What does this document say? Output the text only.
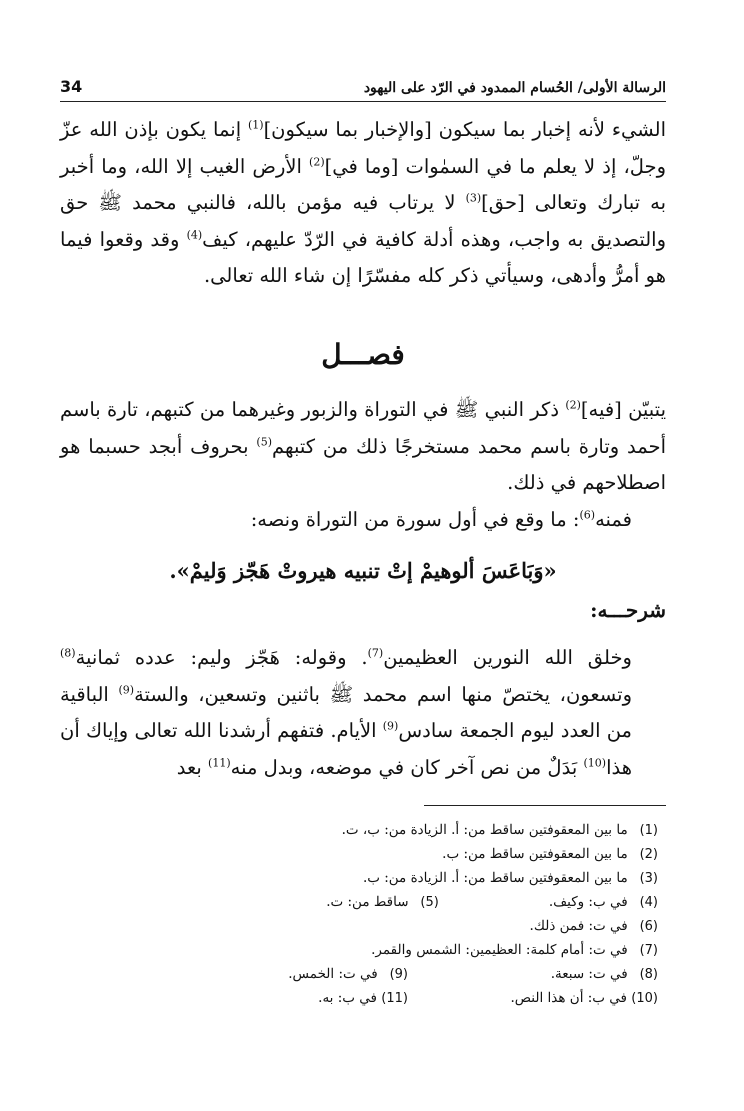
34	الرسالة الأولى/ الحُسام الممدود في الرّد على اليهود

الشيء لأنه إخبار بما سيكون [والإخبار بما سيكون]$^{(1)}$ إنما يكون بإذن الله عزّ وجلّ، إذ لا يعلم ما في السمٰوات [وما في]$^{(2)}$ الأرض الغيب إلا الله، وما أخبر به تبارك وتعالى [حق]$^{(3)}$ لا يرتاب فيه مؤمن بالله، فالنبي محمد ﷺ حق والتصديق به واجب، وهذه أدلة كافية في الرّدّ عليهم، كيف$^{(4)}$ وقد وقعوا فيما هو أمرُّ وأدهى، وسيأتي ذكر كله مفسّرًا إن شاء الله تعالى.

فصـــل

يتبيّن [فيه]$^{(2)}$ ذكر النبي ﷺ في التوراة والزبور وغيرهما من كتبهم، تارة باسم أحمد وتارة باسم محمد مستخرجًا ذلك من كتبهم$^{(5)}$ بحروف أبجد حسبما هو اصطلاحهم في ذلك.

فمنه$^{(6)}$: ما وقع في أول سورة من التوراة ونصه:

«وَبَاعَسَ ألوهيمْ إتْ تنبيه هيروتْ هَجّز وَليمْ».
شرحـــه:

وخلق الله النورين العظيمين$^{(7)}$. وقوله: هَجّز وليم: عدده ثمانية$^{(8)}$ وتسعون، يختصّ منها اسم محمد ﷺ باثنين وتسعين، والستة$^{(9)}$ الباقية من العدد ليوم الجمعة سادس$^{(9)}$ الأيام. فتفهم أرشدنا الله تعالى وإياك أن هذا$^{(10)}$ بَدَلٌ من نص آخر كان في موضعه، وبدل منه$^{(11)}$ بعد

(1) ما بين المعقوفتين ساقط من: أ. الزيادة من: ب، ت.
(2) ما بين المعقوفتين ساقط من: ب.
(3) ما بين المعقوفتين ساقط من: أ. الزيادة من: ب.
(4) في ب: وكيف.
(5) ساقط من: ت.
(6) في ت: فمن ذلك.
(7) في ت: أمام كلمة: العظيمين: الشمس والقمر.
(8) في ت: سبعة.
(9) في ت: الخمس.
(10) في ب: أن هذا النص.
(11) في ب: به.
